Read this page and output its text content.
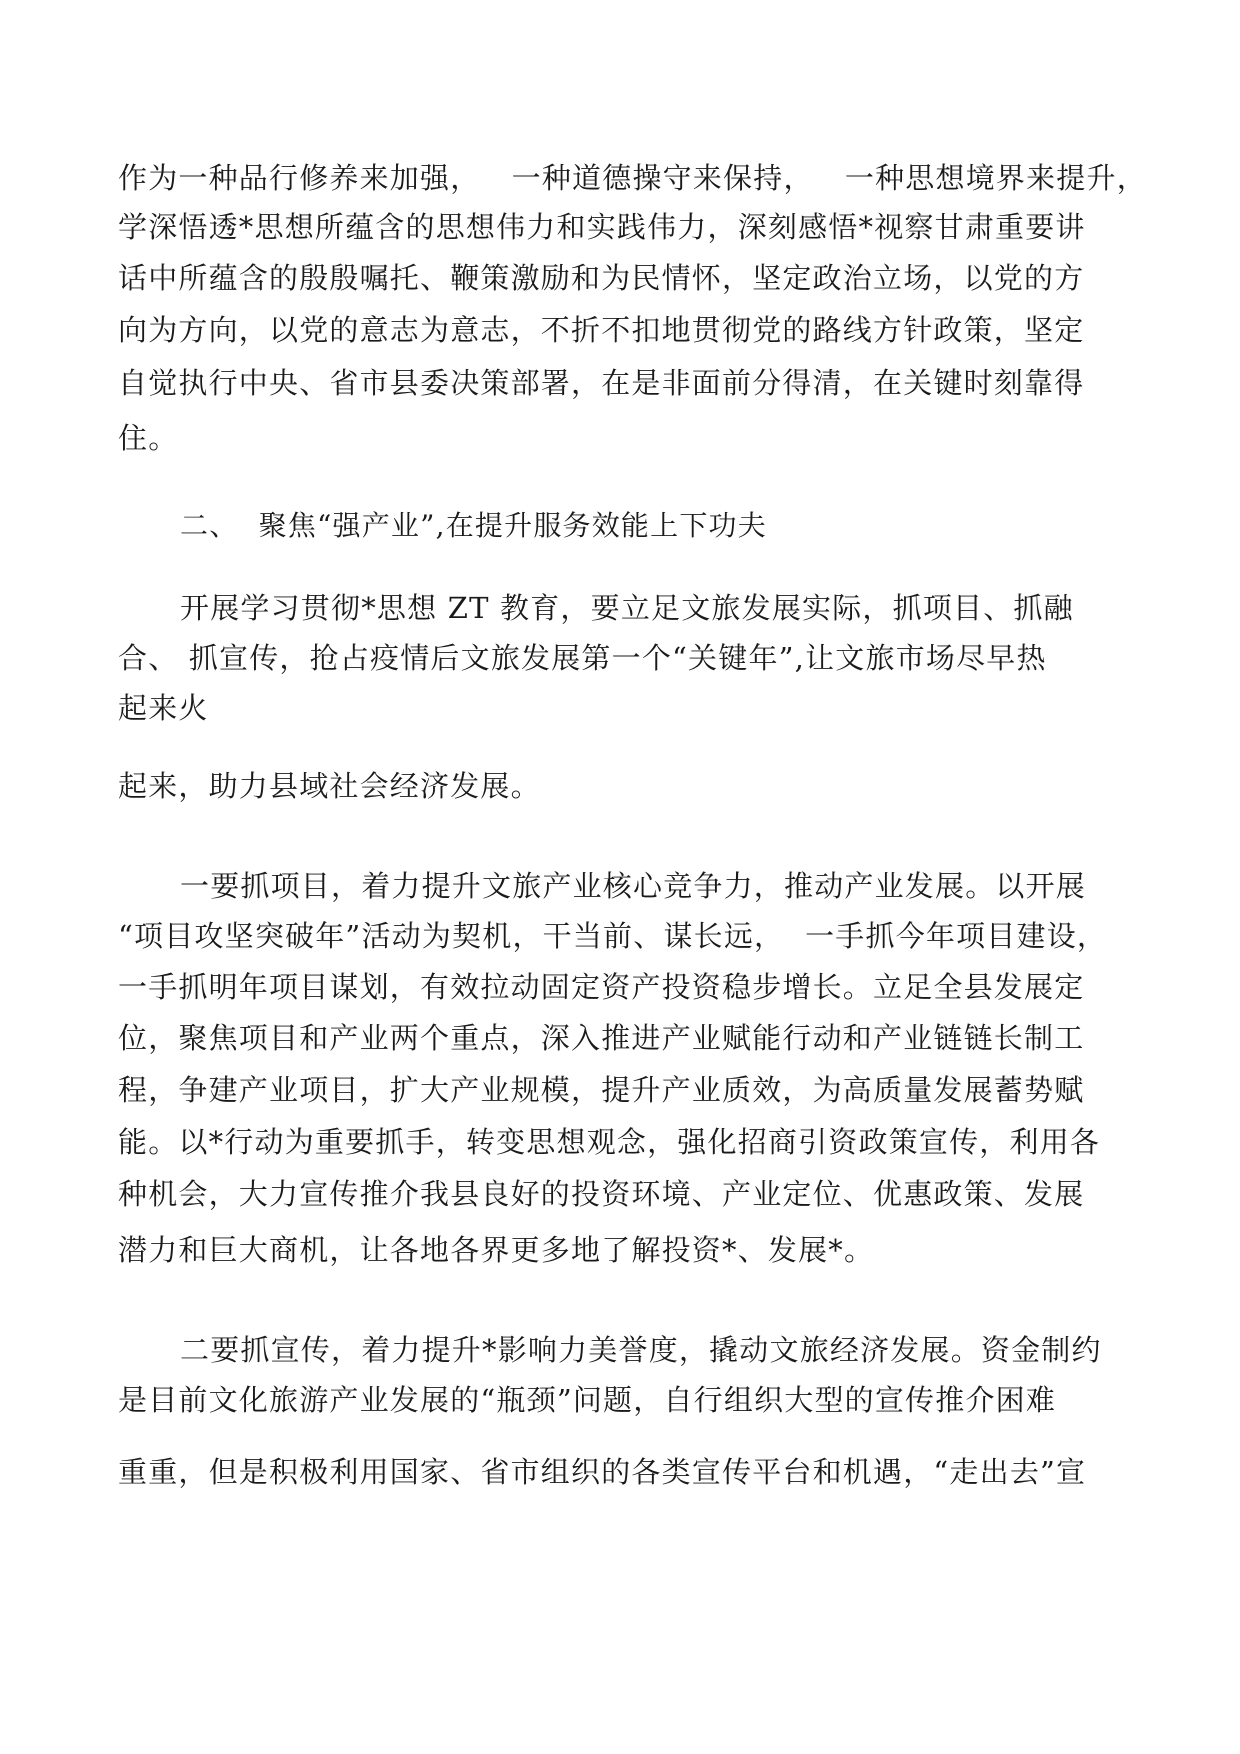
作为一种品行修养来加强，   一种道德操守来保持，   一种思想境界来提升，
学深悟透*思想所蕴含的思想伟力和实践伟力，深刻感悟*视察甘肃重要讲
话中所蕴含的殷殷嘱托、鞭策激励和为民情怀，坚定政治立场，以党的方
向为方向，以党的意志为意志，不折不扣地贯彻党的路线方针政策，坚定
自觉执行中央、省市县委决策部署，在是非面前分得清，在关键时刻靠得
住。
二、  聚焦“强产业”,在提升服务效能上下功夫
开展学习贯彻*思想 ZT 教育，要立足文旅发展实际，抓项目、抓融
合、 抓宣传，抢占疫情后文旅发展第一个“关键年”,让文旅市场尽早热
起来火
起来，助力县域社会经济发展。
一要抓项目，着力提升文旅产业核心竞争力，推动产业发展。以开展
“项目攻坚突破年”活动为契机，干当前、谋长远，  一手抓今年项目建设，
一手抓明年项目谋划，有效拉动固定资产投资稳步增长。立足全县发展定
位，聚焦项目和产业两个重点，深入推进产业赋能行动和产业链链长制工
程，争建产业项目，扩大产业规模，提升产业质效，为高质量发展蓄势赋
能。以*行动为重要抓手，转变思想观念，强化招商引资政策宣传，利用各
种机会，大力宣传推介我县良好的投资环境、产业定位、优惠政策、发展
潜力和巨大商机，让各地各界更多地了解投资*、发展*。
二要抓宣传，着力提升*影响力美誉度，撬动文旅经济发展。资金制约
是目前文化旅游产业发展的“瓶颈”问题，自行组织大型的宣传推介困难
重重，但是积极利用国家、省市组织的各类宣传平台和机遇，“走出去”宣
